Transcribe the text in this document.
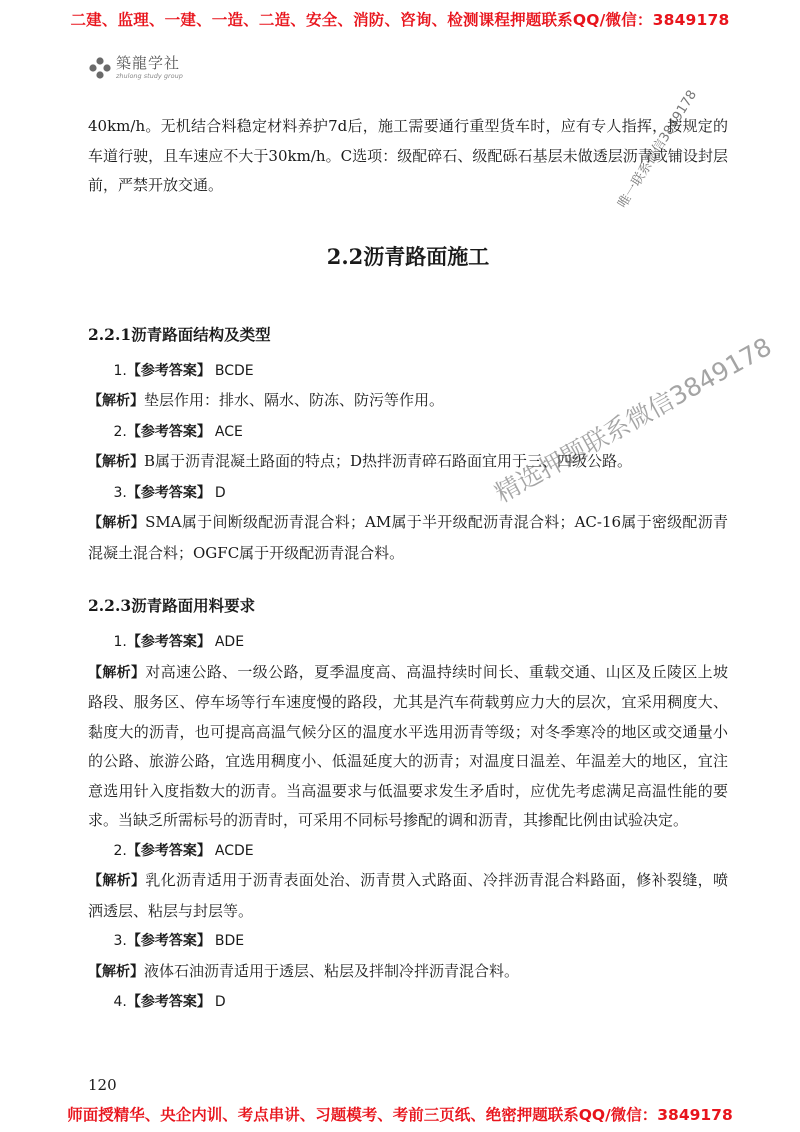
二建、监理、一建、一造、二造、安全、消防、咨询、检测课程押题联系QQ/微信：3849178
築龍学社
zhulong study group

40km/h。无机结合料稳定材料养护7d后，施工需要通行重型货车时，应有专人指挥，按规定的车道行驶，且车速应不大于30km/h。C选项：级配碎石、级配砾石基层未做透层沥青或铺设封层前，严禁开放交通。

2.2沥青路面施工
2.2.1沥青路面结构及类型

1.【参考答案】 BCDE

【解析】垫层作用：排水、隔水、防冻、防污等作用。

2.【参考答案】 ACE

【解析】B属于沥青混凝土路面的特点；D热拌沥青碎石路面宜用于三、四级公路。

3.【参考答案】 D

【解析】SMA属于间断级配沥青混合料；AM属于半开级配沥青混合料；AC-16属于密级配沥青混凝土混合料；OGFC属于开级配沥青混合料。

2.2.3沥青路面用料要求

1.【参考答案】 ADE

【解析】对高速公路、一级公路，夏季温度高、高温持续时间长、重载交通、山区及丘陵区上坡路段、服务区、停车场等行车速度慢的路段，尤其是汽车荷载剪应力大的层次，宜采用稠度大、黏度大的沥青，也可提高高温气候分区的温度水平选用沥青等级；对冬季寒冷的地区或交通量小的公路、旅游公路，宜选用稠度小、低温延度大的沥青；对温度日温差、年温差大的地区，宜注意选用针入度指数大的沥青。当高温要求与低温要求发生矛盾时，应优先考虑满足高温性能的要求。当缺乏所需标号的沥青时，可采用不同标号掺配的调和沥青，其掺配比例由试验决定。

2.【参考答案】 ACDE

【解析】乳化沥青适用于沥青表面处治、沥青贯入式路面、冷拌沥青混合料路面，修补裂缝，喷洒透层、粘层与封层等。

3.【参考答案】 BDE

【解析】液体石油沥青适用于透层、粘层及拌制冷拌沥青混合料。

4.【参考答案】 D

精选押题联系微信3849178
唯一联系微信3849178
120
师面授精华、央企内训、考点串讲、习题模考、考前三页纸、绝密押题联系QQ/微信：3849178
